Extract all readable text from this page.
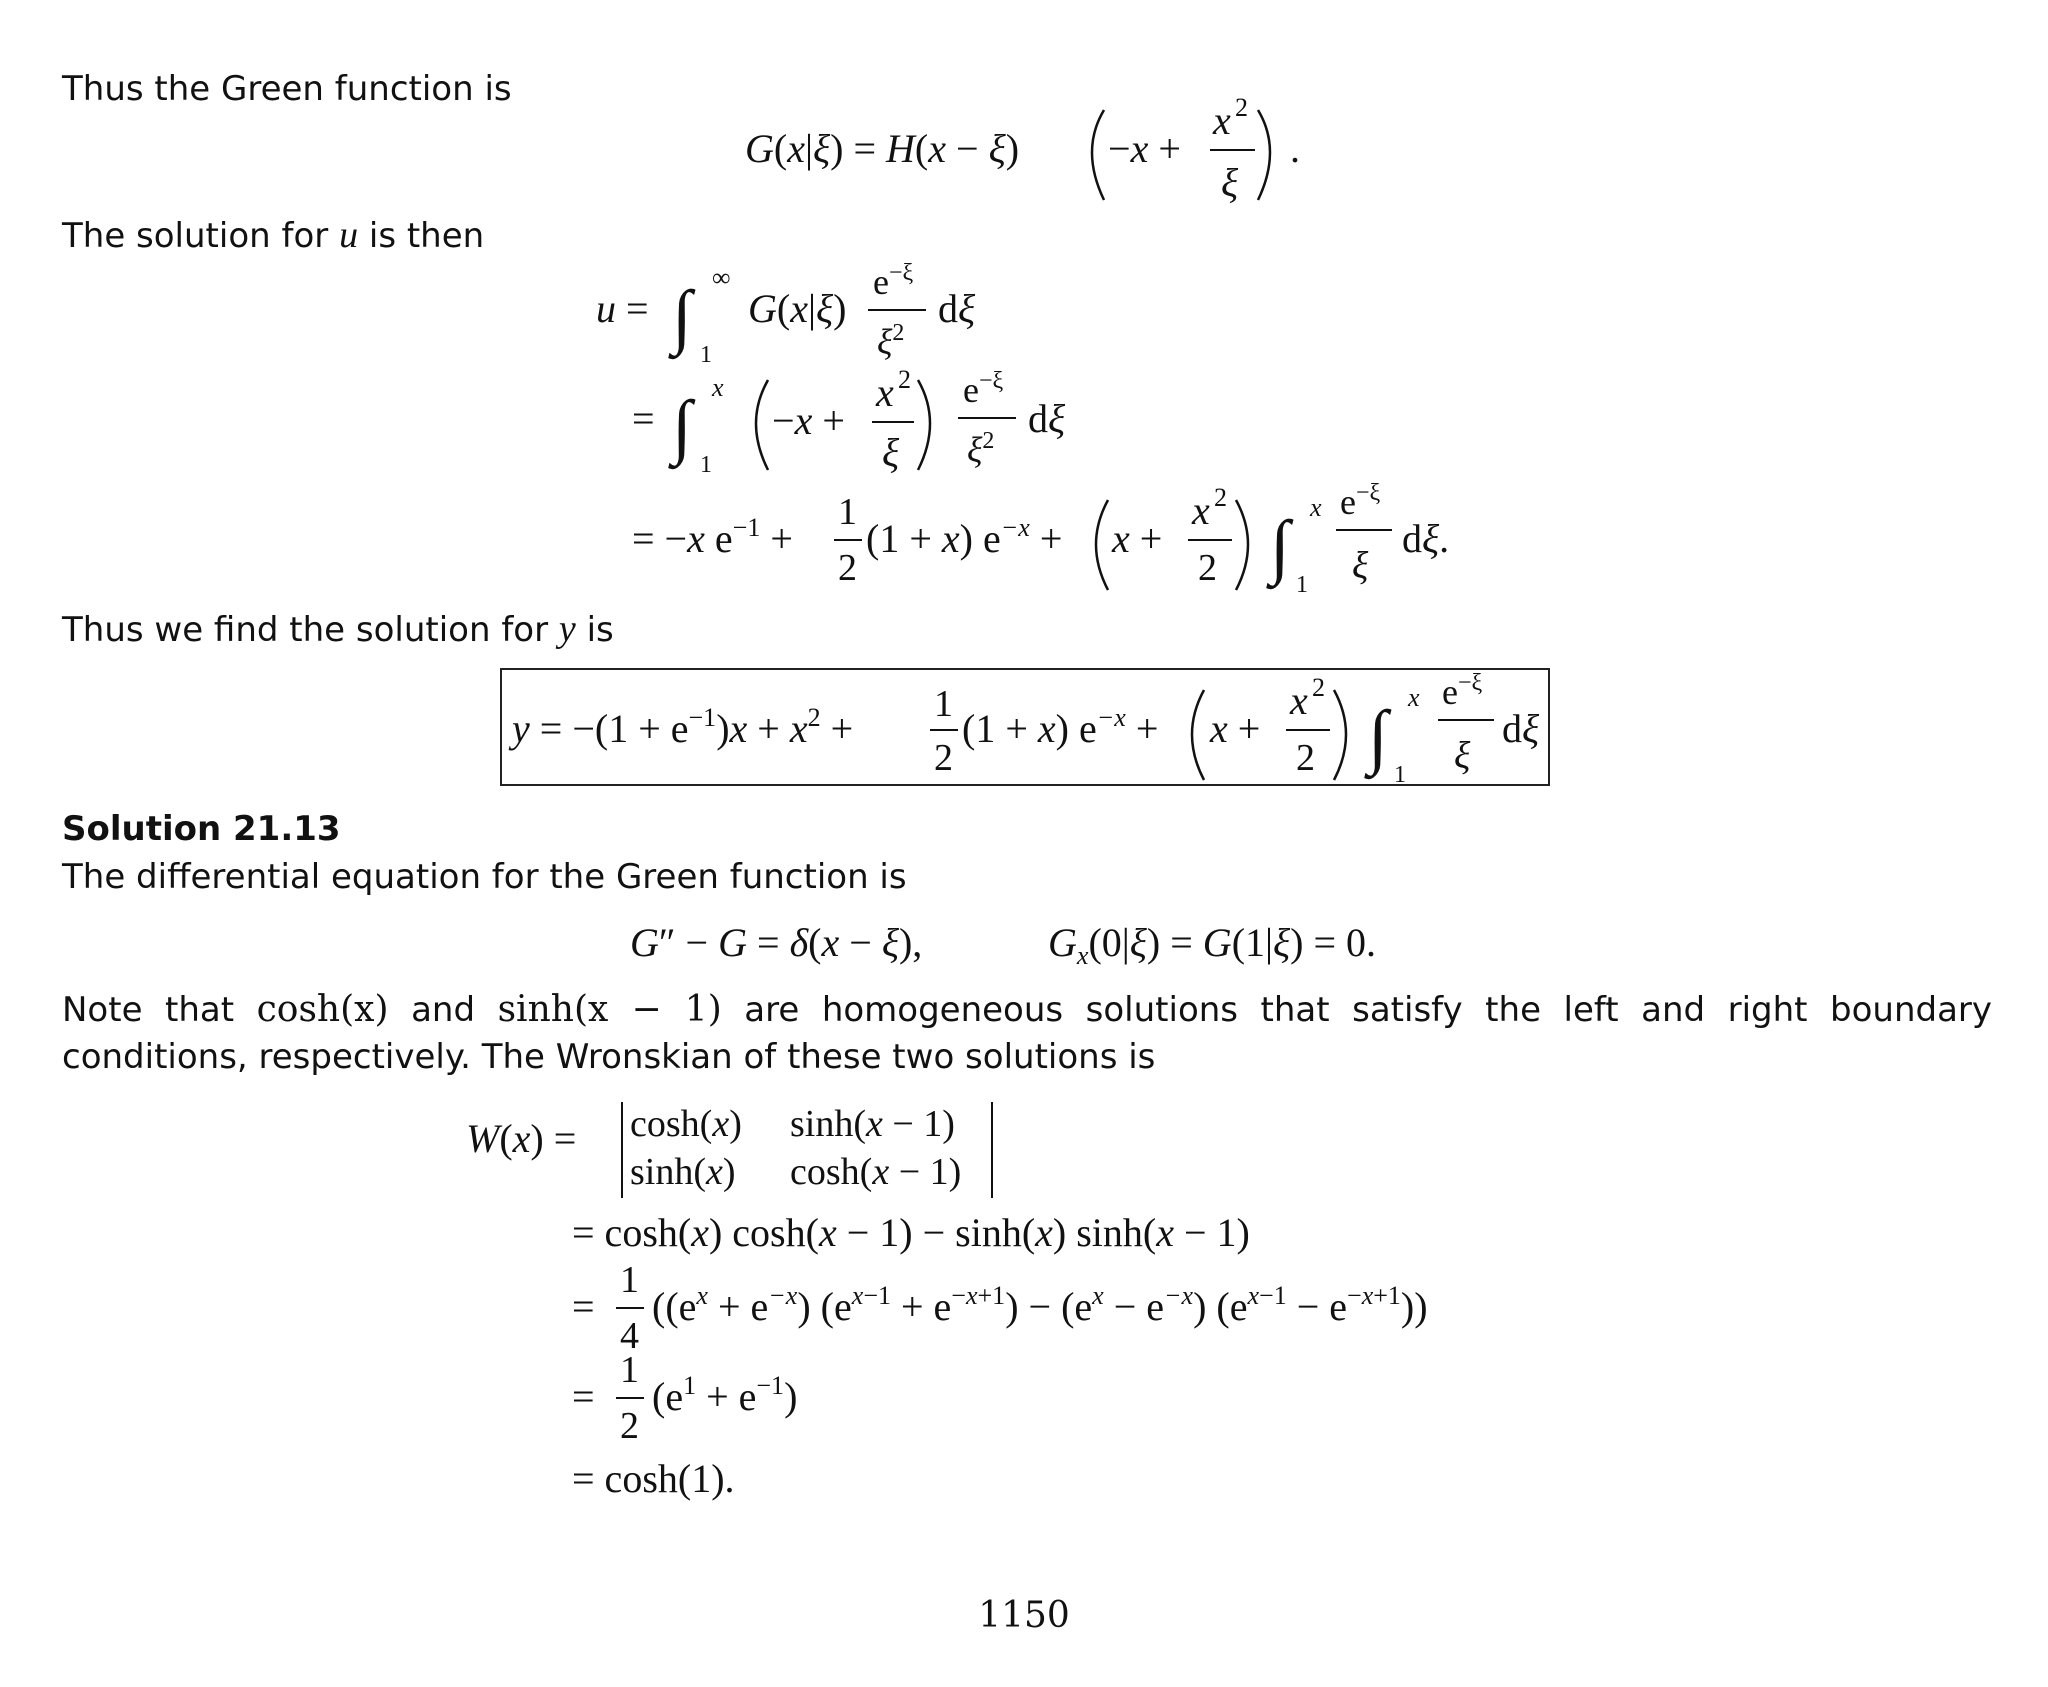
Thus the Green function is
G(x|ξ) = H(x − ξ) −x +
x 2
ξ
.
The solution for u is then
u = ∫ 1
∞
G(x|ξ)
$e^{-\xi}$
$\xi^2$
dξ
= ∫ 1
x
−x +
x 2
ξ
$e^{-\xi}$
$\xi^2$ dξ
= −x $e^{-1}$ +
1
2
(1 + x) $e^{-x} + x$ +
x 2
2 ∫ 1
x $e^{-\xi}$
ξ
dξ.
Thus we find the solution for y is
$y = -(1 + e^{-1})x + x^2$ +
1
2
(1 + x) $e^{-x} + x$ +
x 2
2 ∫ 1
x $e^{-\xi}$
ξ
dξ
Solution 21.13
The differential equation for the Green function is
G″ − G = δ(x − ξ),	$G_x(0|\xi) = G(1|\xi) = 0$.
Note that cosh(x) and sinh(x − 1) are homogeneous solutions that satisfy the left and right boundary conditions, respectively. The Wronskian of these two solutions is
W(x) = cosh(x) sinh(x − 1)
sinh(x) cosh(x − 1)
= cosh(x) cosh(x − 1) − sinh(x) sinh(x − 1)
=
1
4
$((e^x + e^{-x}) (e^x-1 + e^-x+1) - (e^x - e^{-x}) (e^x-1 - e^-x+1))$
=
1
2
$(e^1 + e^{-1})$
= cosh(1).
1150
